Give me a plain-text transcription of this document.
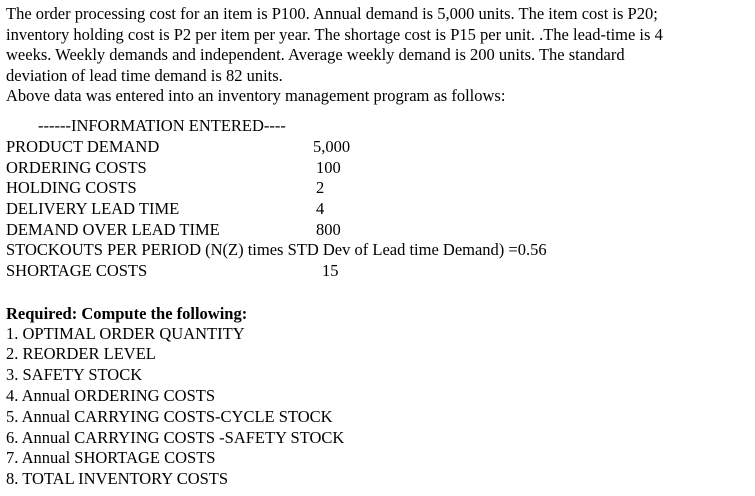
The order processing cost for an item is P100. Annual demand is 5,000 units. The item cost is P20;

inventory holding cost is P2 per item per year. The shortage cost is P15 per unit. .The lead-time is 4

weeks. Weekly demands and independent. Average weekly demand is 200 units. The standard

deviation of lead time demand is 82 units.

Above data was entered into an inventory management program as follows:

------INFORMATION ENTERED----
PRODUCT DEMAND	5,000
ORDERING COSTS	100
HOLDING COSTS	2
DELIVERY LEAD TIME	4
DEMAND OVER LEAD TIME	800
STOCKOUTS PER PERIOD (N(Z) times STD Dev of Lead time Demand) =0.56
SHORTAGE COSTS	15
Required: Compute the following:
1. OPTIMAL ORDER QUANTITY
2. REORDER LEVEL
3. SAFETY STOCK
4. Annual ORDERING COSTS
5. Annual CARRYING COSTS-CYCLE STOCK
6. Annual CARRYING COSTS -SAFETY STOCK
7. Annual SHORTAGE COSTS
8. TOTAL INVENTORY COSTS
